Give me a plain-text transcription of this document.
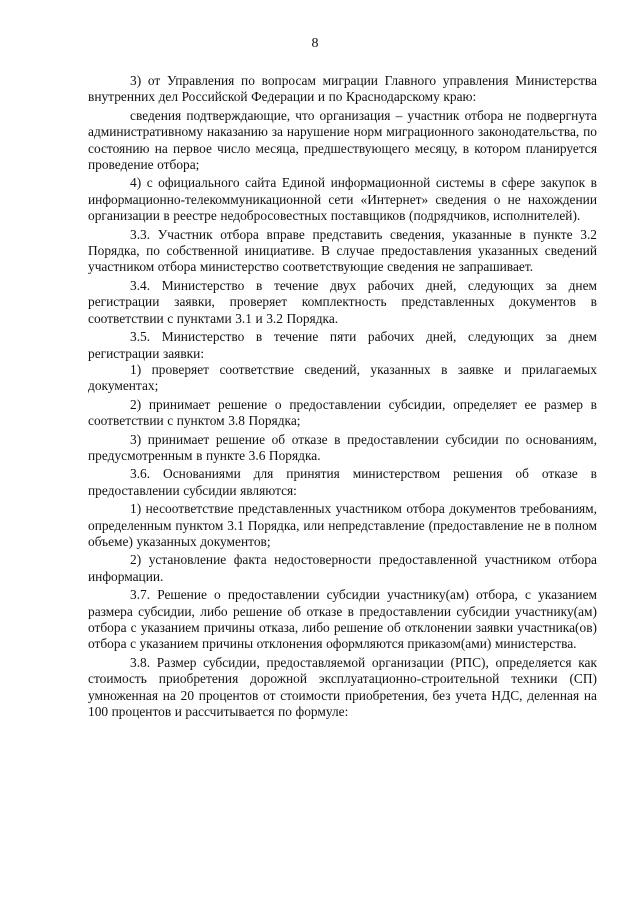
8

3) от Управления по вопросам миграции Главного управления Министерства внутренних дел Российской Федерации и по Краснодарскому краю:

сведения подтверждающие, что организация – участник отбора не подвергнута административному наказанию за нарушение норм миграционного законодательства, по состоянию на первое число месяца, предшествующего месяцу, в котором планируется проведение отбора;

4) с официального сайта Единой информационной системы в сфере закупок в информационно-телекоммуникационной сети «Интернет» сведения о не нахождении организации в реестре недобросовестных поставщиков (подрядчиков, исполнителей).

3.3. Участник отбора вправе представить сведения, указанные в пункте 3.2 Порядка, по собственной инициативе. В случае предоставления указанных сведений участником отбора министерство соответствующие сведения не запрашивает.

3.4. Министерство в течение двух рабочих дней, следующих за днем регистрации заявки, проверяет комплектность представленных документов в соответствии с пунктами 3.1 и 3.2 Порядка.

3.5. Министерство в течение пяти рабочих дней, следующих за днем регистрации заявки:

1) проверяет соответствие сведений, указанных в заявке и прилагаемых документах;

2) принимает решение о предоставлении субсидии, определяет ее размер в соответствии с пунктом 3.8 Порядка;

3) принимает решение об отказе в предоставлении субсидии по основаниям, предусмотренным в пункте 3.6 Порядка.

3.6. Основаниями для принятия министерством решения об отказе в предоставлении субсидии являются:

1) несоответствие представленных участником отбора документов требованиям, определенным пунктом 3.1 Порядка, или непредставление (предоставление не в полном объеме) указанных документов;

2) установление факта недостоверности предоставленной участником отбора информации.

3.7. Решение о предоставлении субсидии участнику(ам) отбора, с указанием размера субсидии, либо решение об отказе в предоставлении субсидии участнику(ам) отбора с указанием причины отказа, либо решение об отклонении заявки участника(ов) отбора с указанием причины отклонения оформляются приказом(ами) министерства.

3.8. Размер субсидии, предоставляемой организации (РПС), определяется как стоимость приобретения дорожной эксплуатационно-строительной техники (СП) умноженная на 20 процентов от стоимости приобретения, без учета НДС, деленная на 100 процентов и рассчитывается по формуле:
